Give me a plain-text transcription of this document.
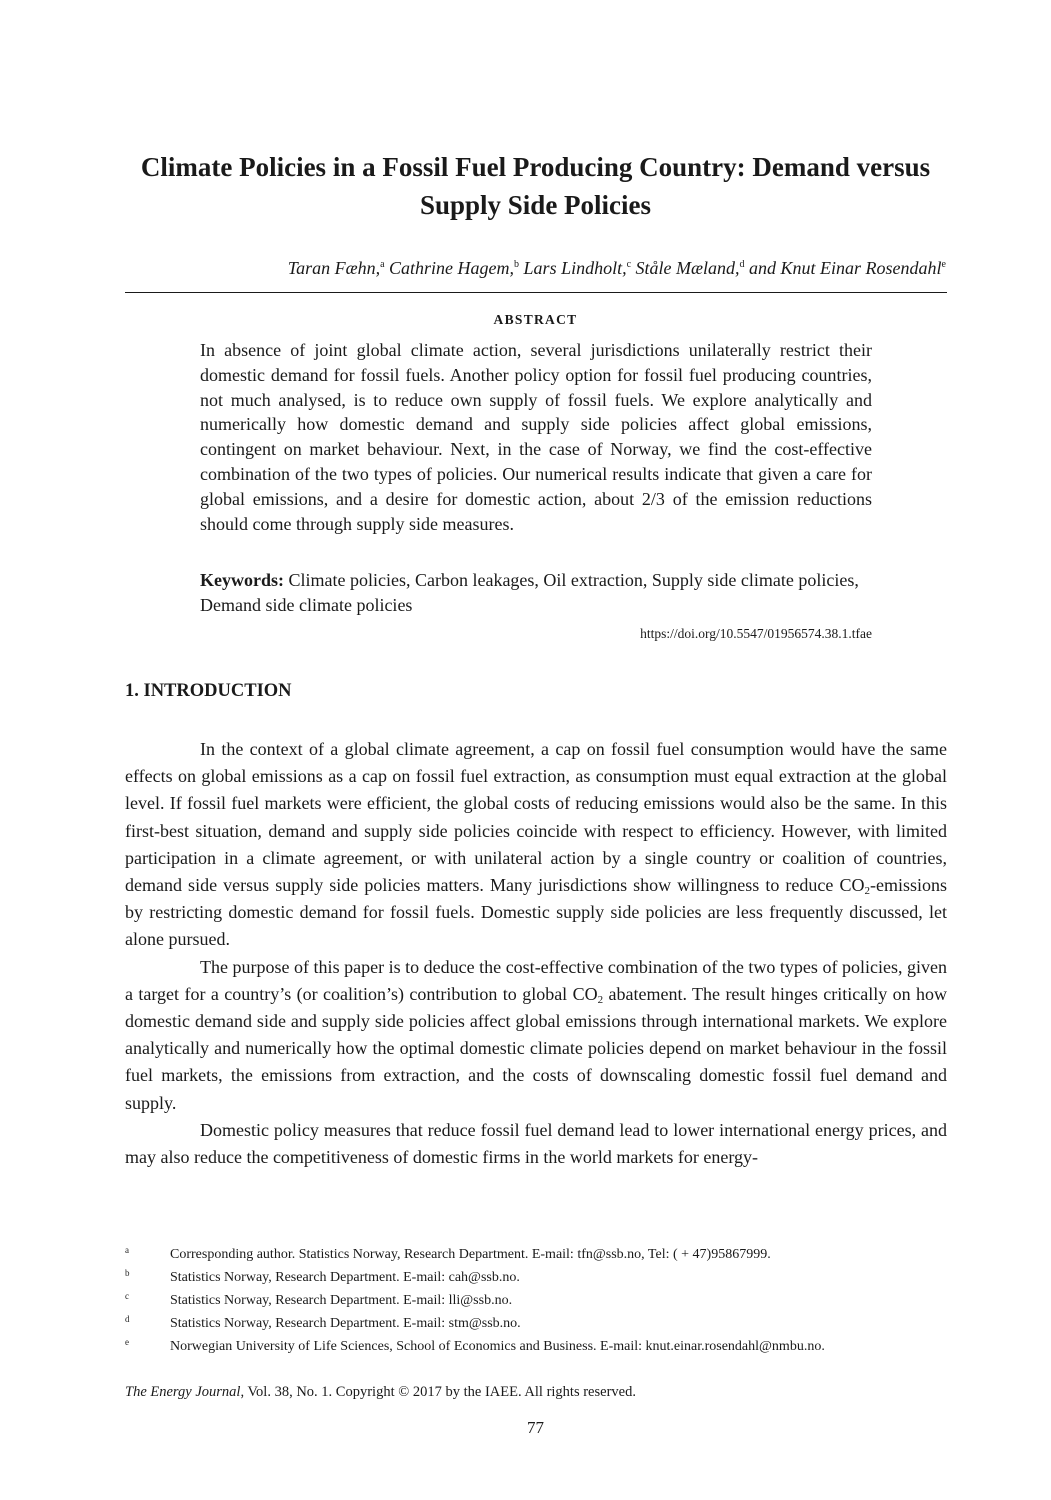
Climate Policies in a Fossil Fuel Producing Country: Demand versus Supply Side Policies
Taran Fæhn,$^a$ Cathrine Hagem,$^b$ Lars Lindholt,$^c$ Ståle Mæland,$^d$ and Knut Einar Rosendahl$^e$
ABSTRACT

In absence of joint global climate action, several jurisdictions unilaterally restrict their domestic demand for fossil fuels. Another policy option for fossil fuel producing countries, not much analysed, is to reduce own supply of fossil fuels. We explore analytically and numerically how domestic demand and supply side policies affect global emissions, contingent on market behaviour. Next, in the case of Norway, we find the cost-effective combination of the two types of policies. Our numerical results indicate that given a care for global emissions, and a desire for domestic action, about 2/3 of the emission reductions should come through supply side measures.

Keywords: Climate policies, Carbon leakages, Oil extraction, Supply side climate policies, Demand side climate policies

https://doi.org/10.5547/01956574.38.1.tfae
1. INTRODUCTION

In the context of a global climate agreement, a cap on fossil fuel consumption would have the same effects on global emissions as a cap on fossil fuel extraction, as consumption must equal extraction at the global level. If fossil fuel markets were efficient, the global costs of reducing emissions would also be the same. In this first-best situation, demand and supply side policies coincide with respect to efficiency. However, with limited participation in a climate agreement, or with unilateral action by a single country or coalition of countries, demand side versus supply side policies matters. Many jurisdictions show willingness to reduce $CO_2$-emissions by restricting domestic demand for fossil fuels. Domestic supply side policies are less frequently discussed, let alone pursued.

The purpose of this paper is to deduce the cost-effective combination of the two types of policies, given a target for a country’s (or coalition’s) contribution to global $CO_2$ abatement. The result hinges critically on how domestic demand side and supply side policies affect global emissions through international markets. We explore analytically and numerically how the optimal domestic climate policies depend on market behaviour in the fossil fuel markets, the emissions from extraction, and the costs of downscaling domestic fossil fuel demand and supply.

Domestic policy measures that reduce fossil fuel demand lead to lower international energy prices, and may also reduce the competitiveness of domestic firms in the world markets for energy-

a	Corresponding author. Statistics Norway, Research Department. E-mail: tfn@ssb.no, Tel: ( + 47)95867999.
b	Statistics Norway, Research Department. E-mail: cah@ssb.no.
c	Statistics Norway, Research Department. E-mail: lli@ssb.no.
d	Statistics Norway, Research Department. E-mail: stm@ssb.no.
e	Norwegian University of Life Sciences, School of Economics and Business. E-mail: knut.einar.rosendahl@nmbu.no.
The Energy Journal, Vol. 38, No. 1. Copyright © 2017 by the IAEE. All rights reserved.
77
